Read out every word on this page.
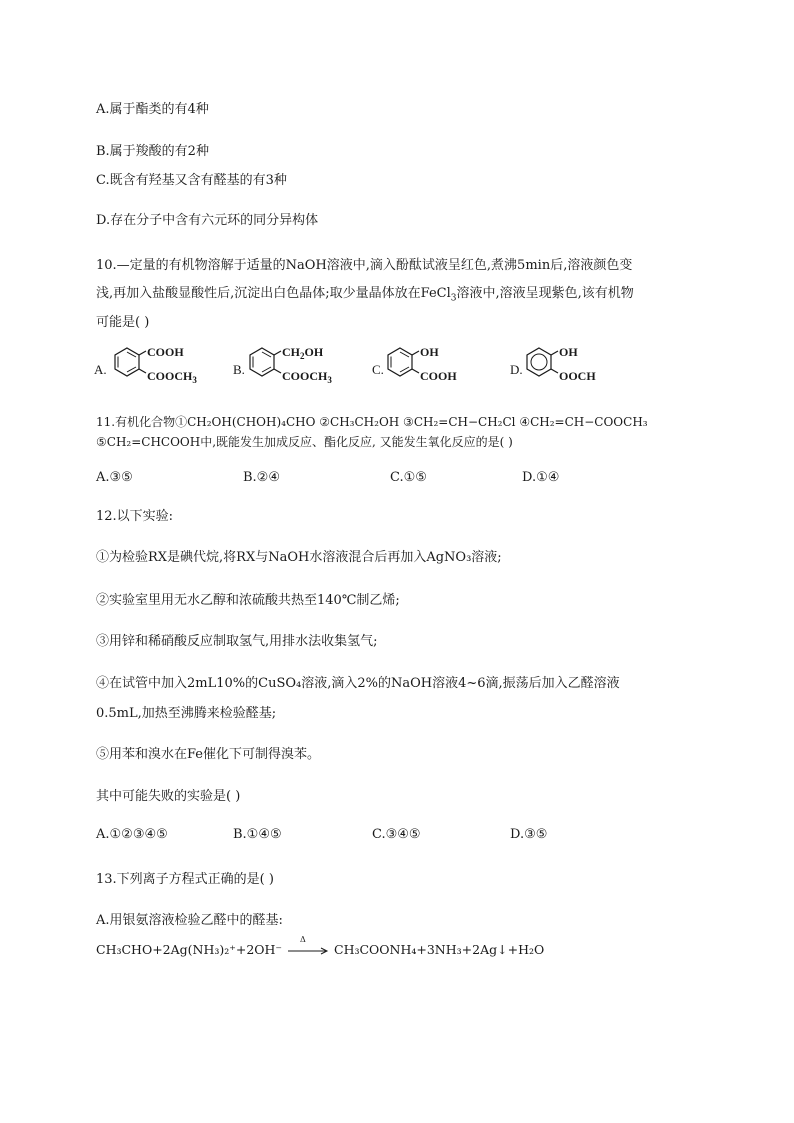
A.属于酯类的有4种
B.属于羧酸的有2种
C.既含有羟基又含有醛基的有3种
D.存在分子中含有六元环的同分异构体
10.—定量的有机物溶解于适量的NaOH溶液中,滴入酚酞试液呈红色,煮沸5min后,溶液颜色变
浅,再加入盐酸显酸性后,沉淀出白色晶体;取少量晶体放在FeCl$_3$溶液中,溶液呈现紫色,该有机物
可能是( )
A.
COOH
$COOCH_3$
B.
$CH_2OH$
$COOCH_3$
C.
OH
COOH	D.
OH
OOCH
11.有机化合物①CH₂OH(CHOH)₄CHO ②CH₃CH₂OH ③CH₂=CH−CH₂Cl ④CH₂=CH−COOCH₃
⑤CH₂=CHCOOH中,既能发生加成反应、酯化反应, 又能发生氧化反应的是( )
A.③⑤	B.②④	C.①⑤	D.①④
12.以下实验:
①为检验RX是碘代烷,将RX与NaOH水溶液混合后再加入AgNO₃溶液;
②实验室里用无水乙醇和浓硫酸共热至140℃制乙烯;
③用锌和稀硝酸反应制取氢气,用排水法收集氢气;
④在试管中加入2mL10%的CuSO₄溶液,滴入2%的NaOH溶液4~6滴,振荡后加入乙醛溶液
0.5mL,加热至沸腾来检验醛基;
⑤用苯和溴水在Fe催化下可制得溴苯。
其中可能失败的实验是( )
A.①②③④⑤	B.①④⑤	C.③④⑤	D.③⑤
13.下列离子方程式正确的是( )
A.用银氨溶液检验乙醛中的醛基:
CH₃CHO+2Ag(NH₃)₂⁺+2OH⁻
Δ
CH₃COONH₄+3NH₃+2Ag↓+H₂O
